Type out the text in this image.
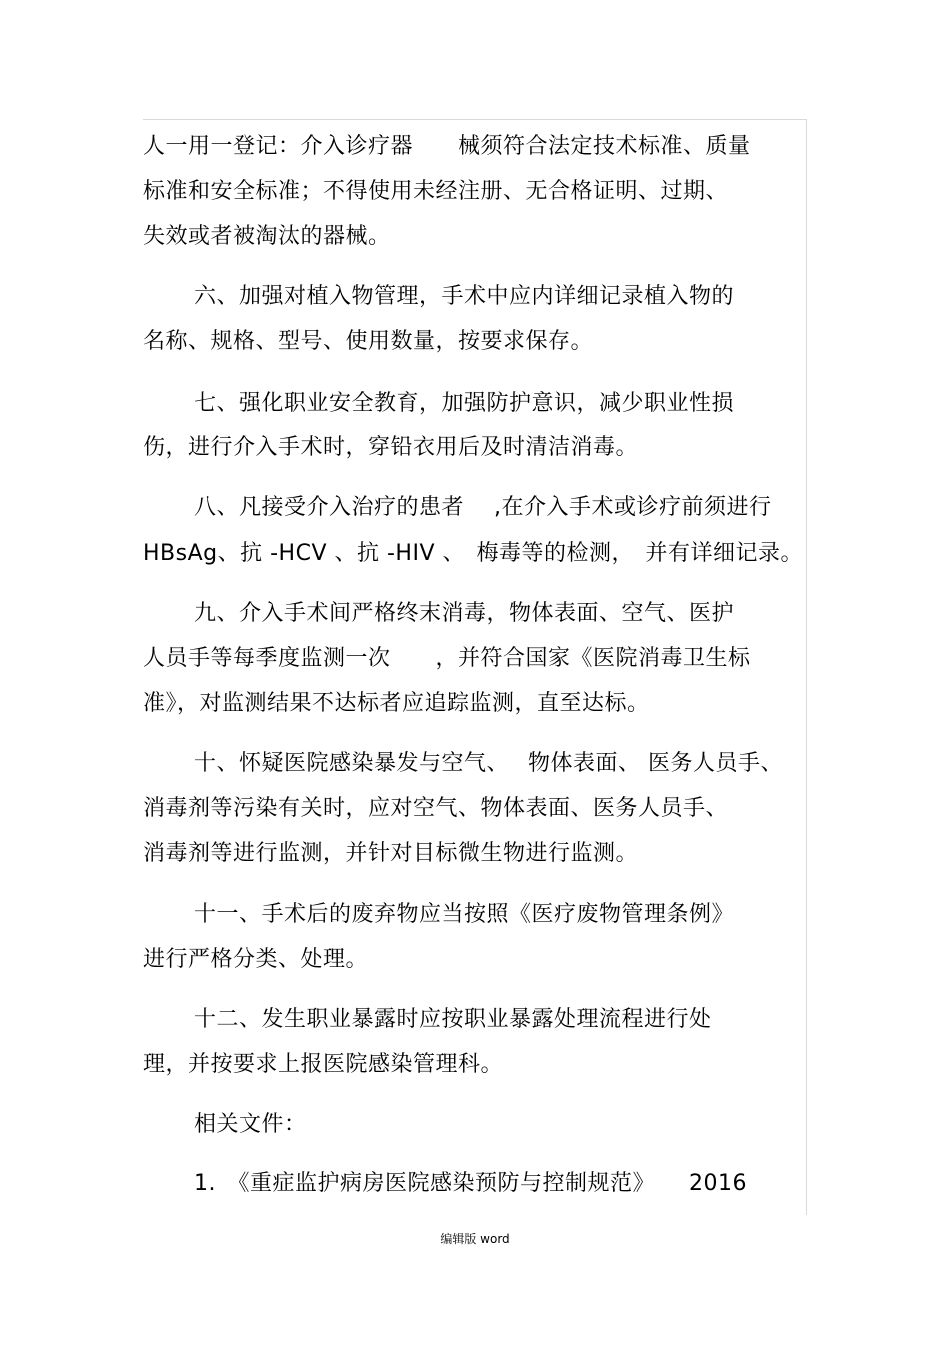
人一用一登记：介入诊疗器　　械须符合法定技术标准、质量
标准和安全标准；不得使用未经注册、无合格证明、过期、
失效或者被淘汰的器械。
六、加强对植入物管理，手术中应内详细记录植入物的
名称、规格、型号、使用数量，按要求保存。
七、强化职业安全教育，加强防护意识，减少职业性损
伤，进行介入手术时，穿铅衣用后及时清洁消毒。
八、凡接受介入治疗的患者　 ,在介入手术或诊疗前须进行
HBsAg、抗 -HCV 、抗 -HIV 、　梅毒等的检测，　并有详细记录。
九、介入手术间严格终末消毒，物体表面、空气、医护
人员手等每季度监测一次　　，并符合国家《医院消毒卫生标
准》，对监测结果不达标者应追踪监测，直至达标。
十、怀疑医院感染暴发与空气、　 物体表面、 医务人员手、
消毒剂等污染有关时，应对空气、物体表面、医务人员手、
消毒剂等进行监测，并针对目标微生物进行监测。
十一、手术后的废弃物应当按照《医疗废物管理条例》
进行严格分类、处理。
十二、发生职业暴露时应按职业暴露处理流程进行处
理，并按要求上报医院感染管理科。
相关文件：
1.　《重症监护病房医院感染预防与控制规范》　　2016
编辑版 word
